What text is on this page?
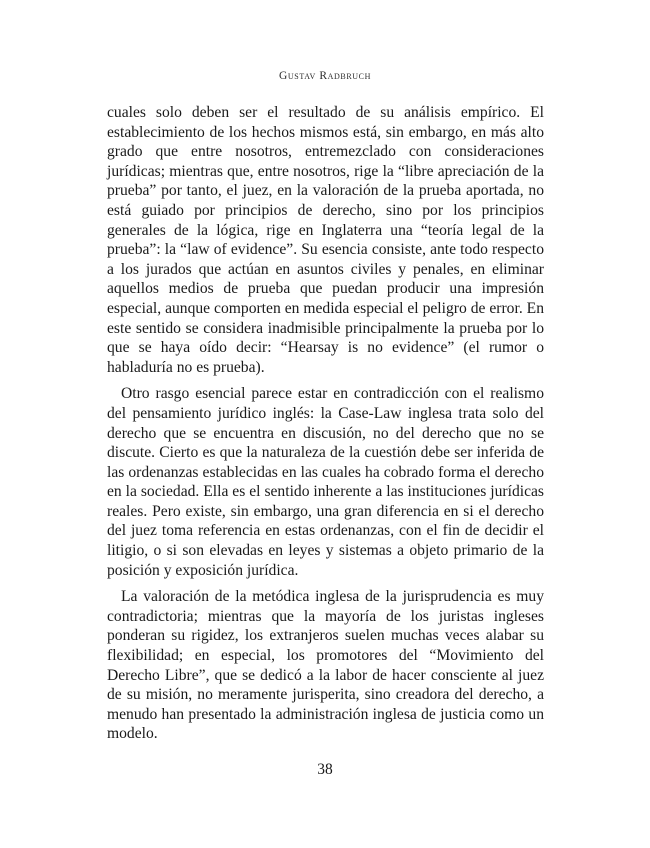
Gustav Radbruch

cuales solo deben ser el resultado de su análisis empírico. El establecimiento de los hechos mismos está, sin embargo, en más alto grado que entre nosotros, entremezclado con consideraciones jurídicas; mientras que, entre nosotros, rige la “libre apreciación de la prueba” por tanto, el juez, en la valoración de la prueba aportada, no está guiado por principios de derecho, sino por los principios generales de la lógica, rige en Inglaterra una “teoría legal de la prueba”: la “law of evidence”. Su esencia consiste, ante todo respecto a los jurados que actúan en asuntos civiles y penales, en eliminar aquellos medios de prueba que puedan producir una impresión especial, aunque comporten en medida especial el peligro de error. En este sentido se considera inadmisible principalmente la prueba por lo que se haya oído decir: “Hearsay is no evidence” (el rumor o habladuría no es prueba).

Otro rasgo esencial parece estar en contradicción con el realismo del pensamiento jurídico inglés: la Case-Law inglesa trata solo del derecho que se encuentra en discusión, no del derecho que no se discute. Cierto es que la naturaleza de la cuestión debe ser inferida de las ordenanzas establecidas en las cuales ha cobrado forma el derecho en la sociedad. Ella es el sentido inherente a las instituciones jurídicas reales. Pero existe, sin embargo, una gran diferencia en si el derecho del juez toma referencia en estas ordenanzas, con el fin de decidir el litigio, o si son elevadas en leyes y sistemas a objeto primario de la posición y exposición jurídica.

La valoración de la metódica inglesa de la jurisprudencia es muy contradictoria; mientras que la mayoría de los juristas ingleses ponderan su rigidez, los extranjeros suelen muchas veces alabar su flexibilidad; en especial, los promotores del “Movimiento del Derecho Libre”, que se dedicó a la labor de hacer consciente al juez de su misión, no meramente jurisperita, sino creadora del derecho, a menudo han presentado la administración inglesa de justicia como un modelo.

38
